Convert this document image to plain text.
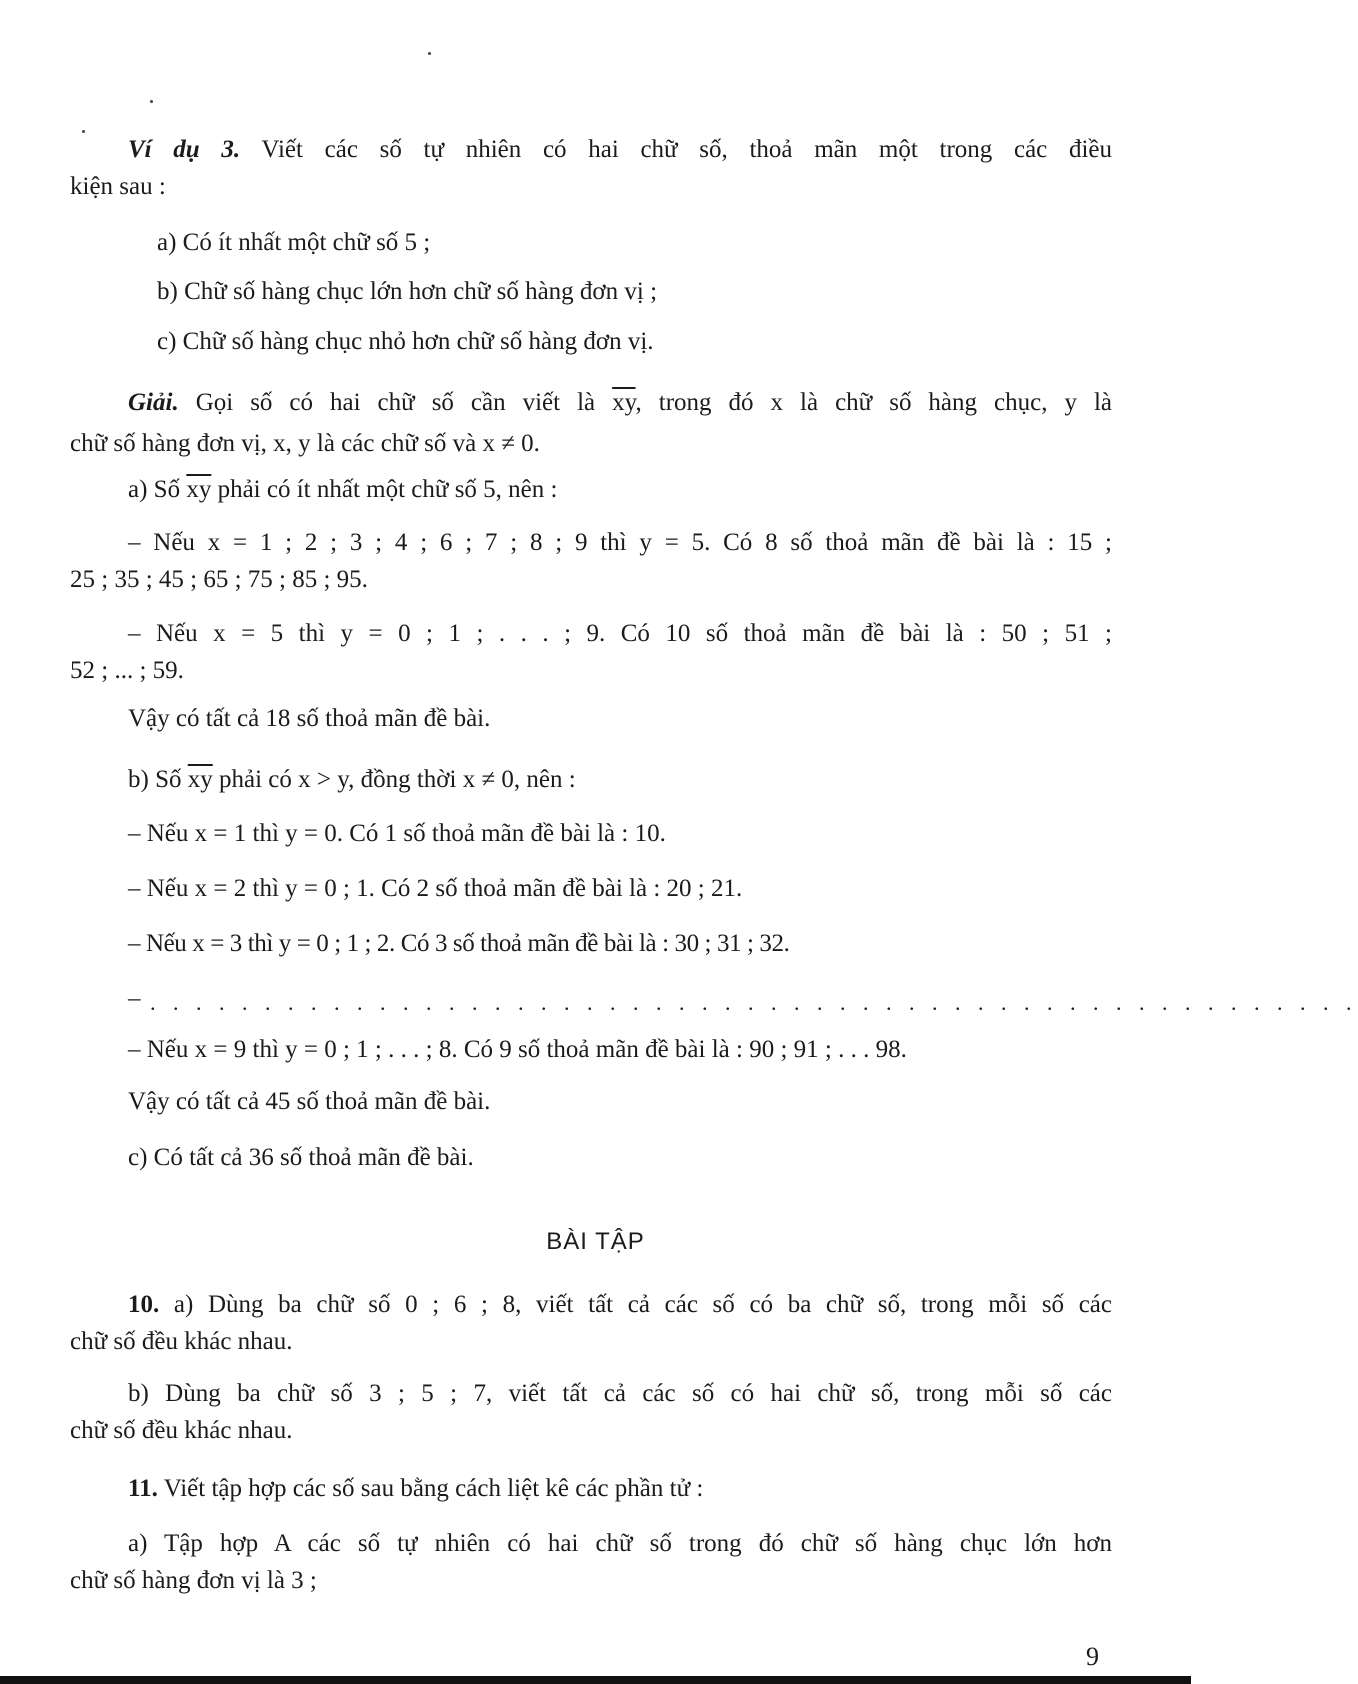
Ví dụ 3. Viết các số tự nhiên có hai chữ số, thoả mãn một trong các điều
kiện sau :
a) Có ít nhất một chữ số 5 ;
b) Chữ số hàng chục lớn hơn chữ số hàng đơn vị ;
c) Chữ số hàng chục nhỏ hơn chữ số hàng đơn vị.
Giải. Gọi số có hai chữ số cần viết là $\overline{xy}$, trong đó x là chữ số hàng chục, y là
chữ số hàng đơn vị, x, y là các chữ số và x ≠ 0.
a) Số $\overline{xy}$ phải có ít nhất một chữ số 5, nên :
– Nếu x = 1 ; 2 ; 3 ; 4 ; 6 ; 7 ; 8 ; 9 thì y = 5. Có 8 số thoả mãn đề bài là : 15 ;
25 ; 35 ; 45 ; 65 ; 75 ; 85 ; 95.
– Nếu x = 5 thì y = 0 ; 1 ; . . . ; 9. Có 10 số thoả mãn đề bài là : 50 ; 51 ;
52 ; ... ; 59.
Vậy có tất cả 18 số thoả mãn đề bài.
b) Số $\overline{xy}$ phải có x > y, đồng thời x ≠ 0, nên :
– Nếu x = 1 thì y = 0. Có 1 số thoả mãn đề bài là : 10.
– Nếu x = 2 thì y = 0 ; 1. Có 2 số thoả mãn đề bài là : 20 ; 21.
– Nếu x = 3 thì y = 0 ; 1 ; 2. Có 3 số thoả mãn đề bài là : 30 ; 31 ; 32.
– . . . . . . . . . . . . . . . . . . . . . . . . . . . . . . . . . . . . . . . . . . . . . . . . . . . . .
– Nếu x = 9 thì y = 0 ; 1 ; . . . ; 8. Có 9 số thoả mãn đề bài là : 90 ; 91 ; . . . 98.
Vậy có tất cả 45 số thoả mãn đề bài.
c) Có tất cả 36 số thoả mãn đề bài.
BÀI TẬP
10. a) Dùng ba chữ số 0 ; 6 ; 8, viết tất cả các số có ba chữ số, trong mỗi số các
chữ số đều khác nhau.
b) Dùng ba chữ số 3 ; 5 ; 7, viết tất cả các số có hai chữ số, trong mỗi số các
chữ số đều khác nhau.
11. Viết tập hợp các số sau bằng cách liệt kê các phần tử :
a) Tập hợp A các số tự nhiên có hai chữ số trong đó chữ số hàng chục lớn hơn
chữ số hàng đơn vị là 3 ;
9
